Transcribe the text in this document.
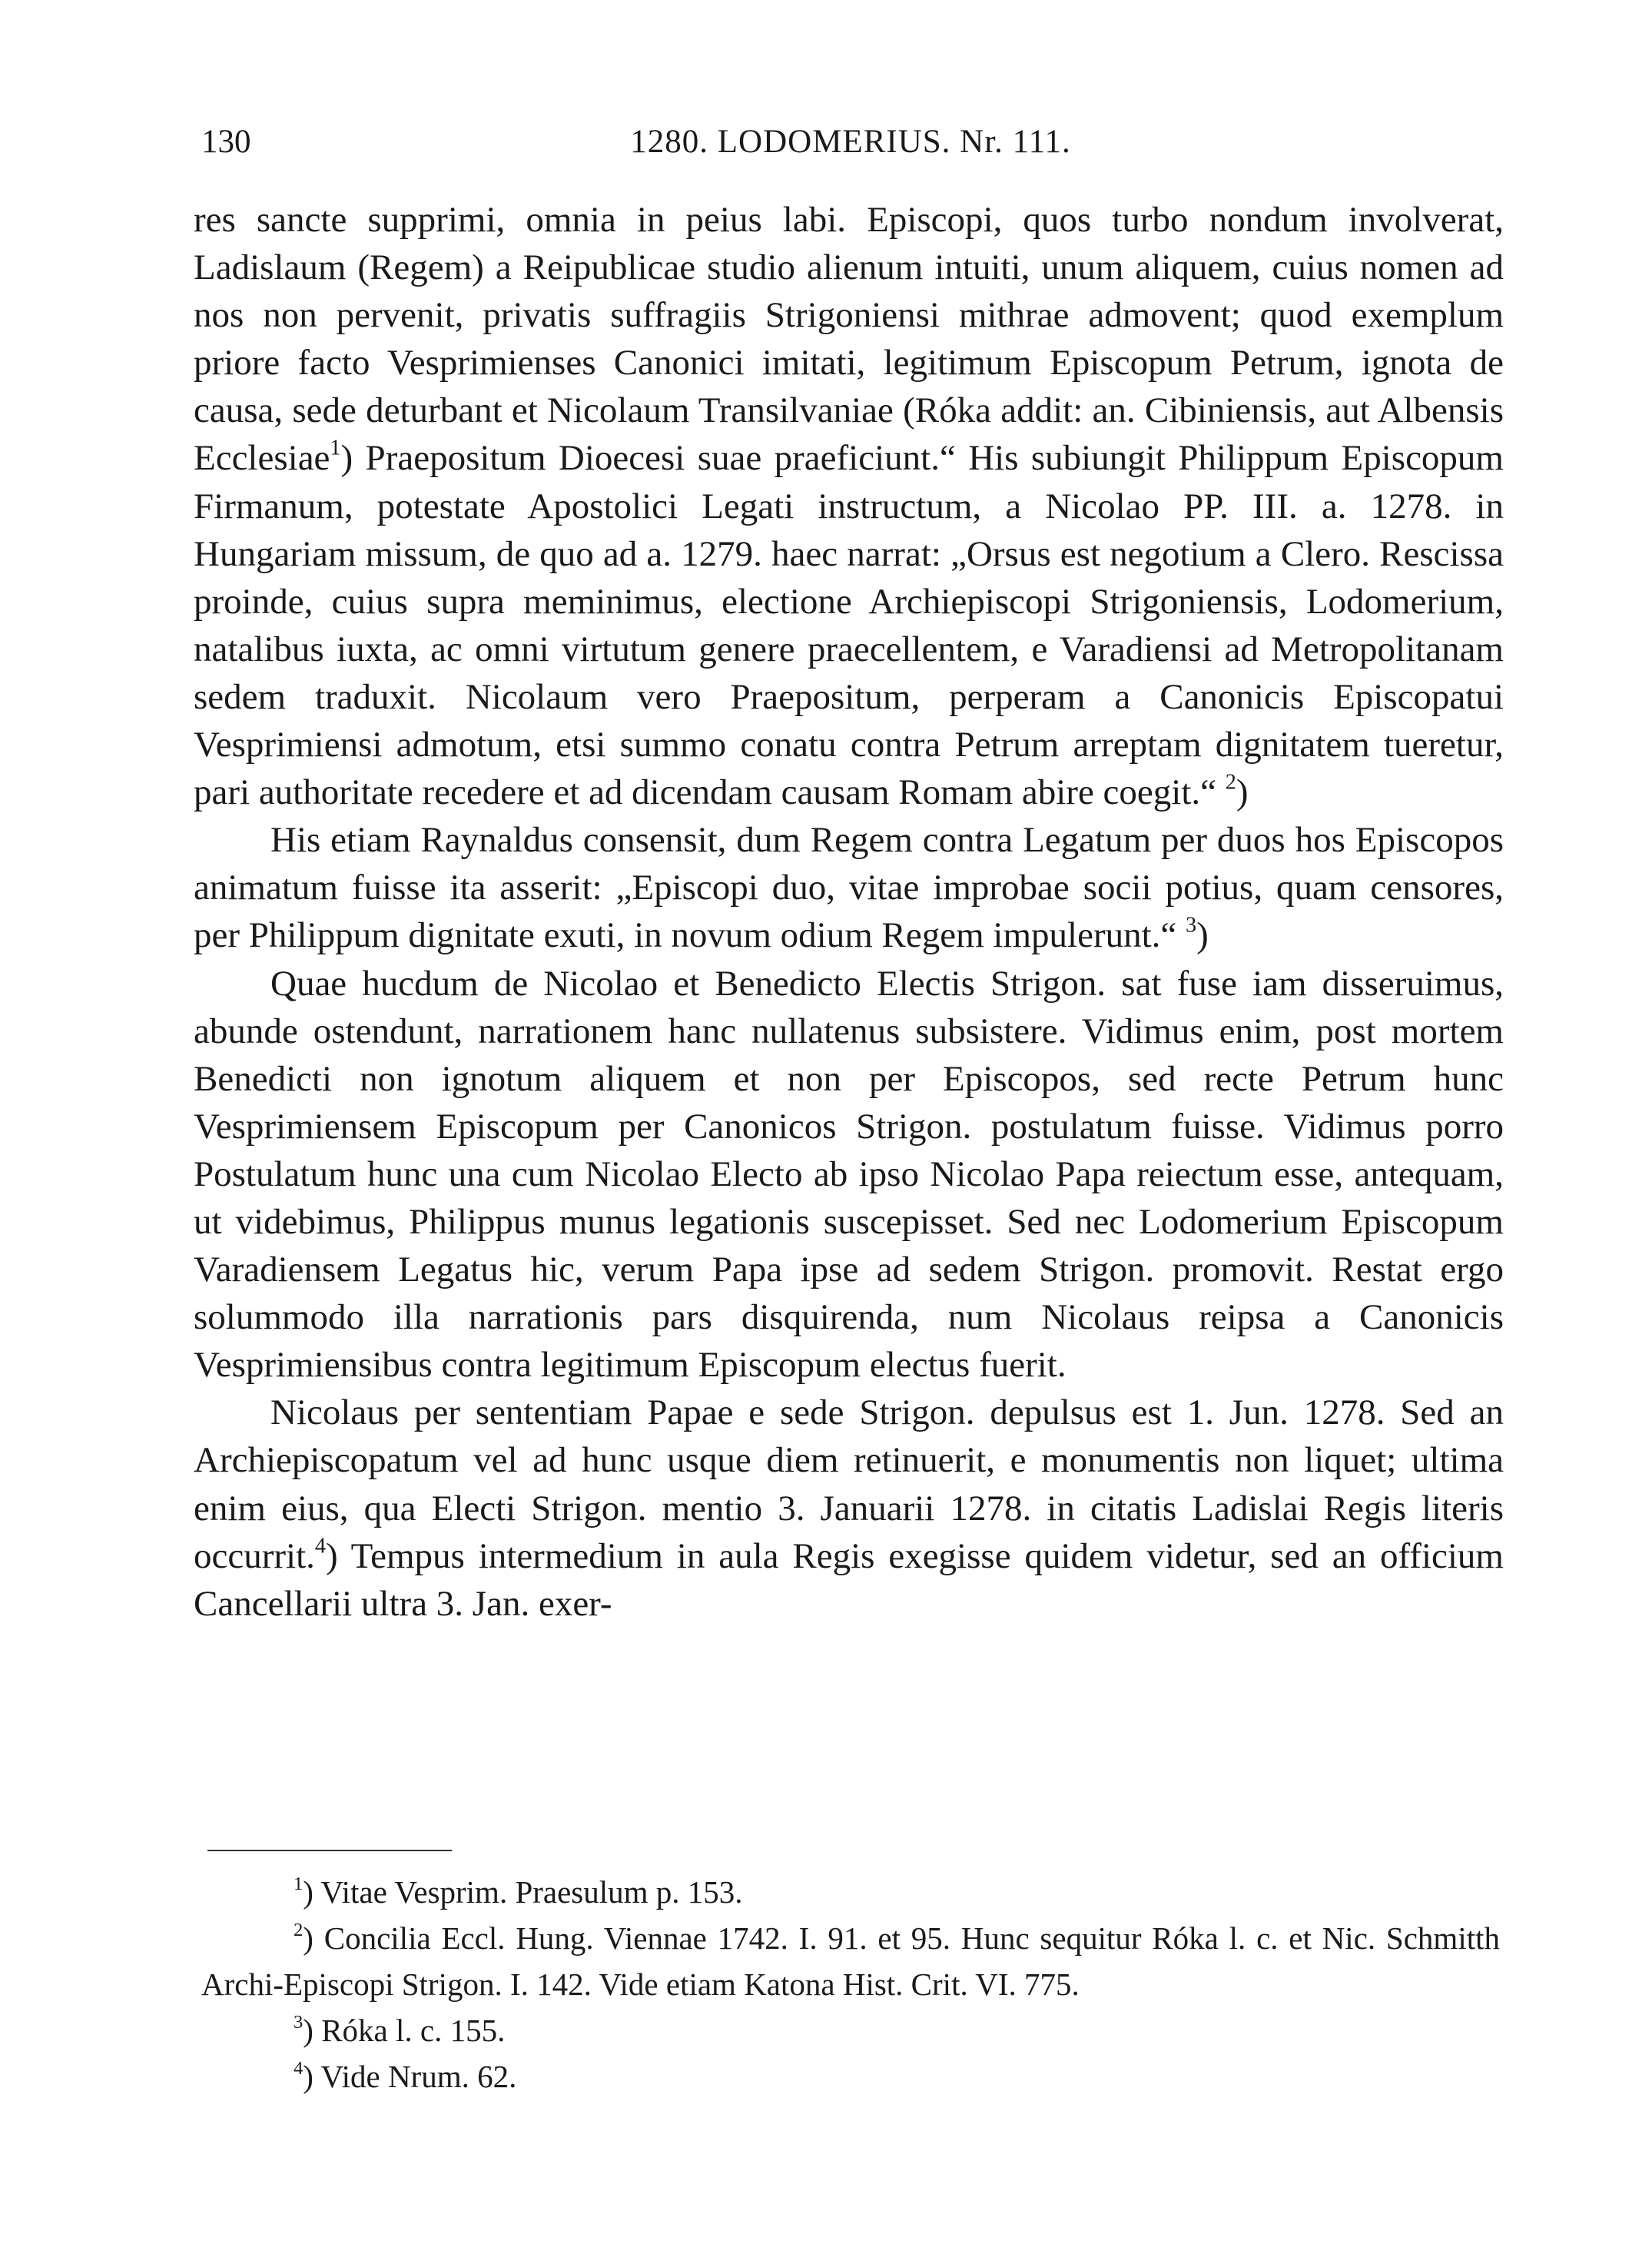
130	1280. LODOMERIUS. Nr. 111.

res sancte supprimi, omnia in peius labi. Episcopi, quos turbo nondum involverat, Ladislaum (Regem) a Reipublicae studio alienum intuiti, unum aliquem, cuius nomen ad nos non pervenit, privatis suffragiis Strigoniensi mithrae admovent; quod exemplum priore facto Vesprimienses Canonici imitati, legitimum Episcopum Petrum, ignota de causa, sede deturbant et Nicolaum Transilvaniae (Róka addit: an. Cibiniensis, aut Albensis Ecclesiae$^1$) Praepositum Dioecesi suae praeficiunt.“ His subiungit Philippum Episcopum Firmanum, potestate Apostolici Legati instructum, a Nicolao PP. III. a. 1278. in Hungariam missum, de quo ad a. 1279. haec narrat: „Orsus est negotium a Clero. Rescissa proinde, cuius supra meminimus, electione Archiepiscopi Strigoniensis, Lodomerium, natalibus iuxta, ac omni virtutum genere praecellentem, e Varadiensi ad Metropolitanam sedem traduxit. Nicolaum vero Praepositum, perperam a Canonicis Episcopatui Vesprimiensi admotum, etsi summo conatu contra Petrum arreptam dignitatem tueretur, pari authoritate recedere et ad dicendam causam Romam abire coegit.“ $^2$)

His etiam Raynaldus consensit, dum Regem contra Legatum per duos hos Episcopos animatum fuisse ita asserit: „Episcopi duo, vitae improbae socii potius, quam censores, per Philippum dignitate exuti, in novum odium Regem impulerunt.“ $^3$)

Quae hucdum de Nicolao et Benedicto Electis Strigon. sat fuse iam disseruimus, abunde ostendunt, narrationem hanc nullatenus subsistere. Vidimus enim, post mortem Benedicti non ignotum aliquem et non per Episcopos, sed recte Petrum hunc Vesprimiensem Episcopum per Canonicos Strigon. postulatum fuisse. Vidimus porro Postulatum hunc una cum Nicolao Electo ab ipso Nicolao Papa reiectum esse, antequam, ut videbimus, Philippus munus legationis suscepisset. Sed nec Lodomerium Episcopum Varadiensem Legatus hic, verum Papa ipse ad sedem Strigon. promovit. Restat ergo solummodo illa narrationis pars disquirenda, num Nicolaus reipsa a Canonicis Vesprimiensibus contra legitimum Episcopum electus fuerit.

Nicolaus per sententiam Papae e sede Strigon. depulsus est 1. Jun. 1278. Sed an Archiepiscopatum vel ad hunc usque diem retinuerit, e monumentis non liquet; ultima enim eius, qua Electi Strigon. mentio 3. Januarii 1278. in citatis Ladislai Regis literis occurrit.$^4$) Tempus intermedium in aula Regis exegisse quidem videtur, sed an officium Cancellarii ultra 3. Jan. exer-

$^1$) Vitae Vesprim. Praesulum p. 153.

$^2$) Concilia Eccl. Hung. Viennae 1742. I. 91. et 95. Hunc sequitur Róka l. c. et Nic. Schmitth Archi-Episcopi Strigon. I. 142. Vide etiam Katona Hist. Crit. VI. 775.

$^3$) Róka l. c. 155.

$^4$) Vide Nrum. 62.
